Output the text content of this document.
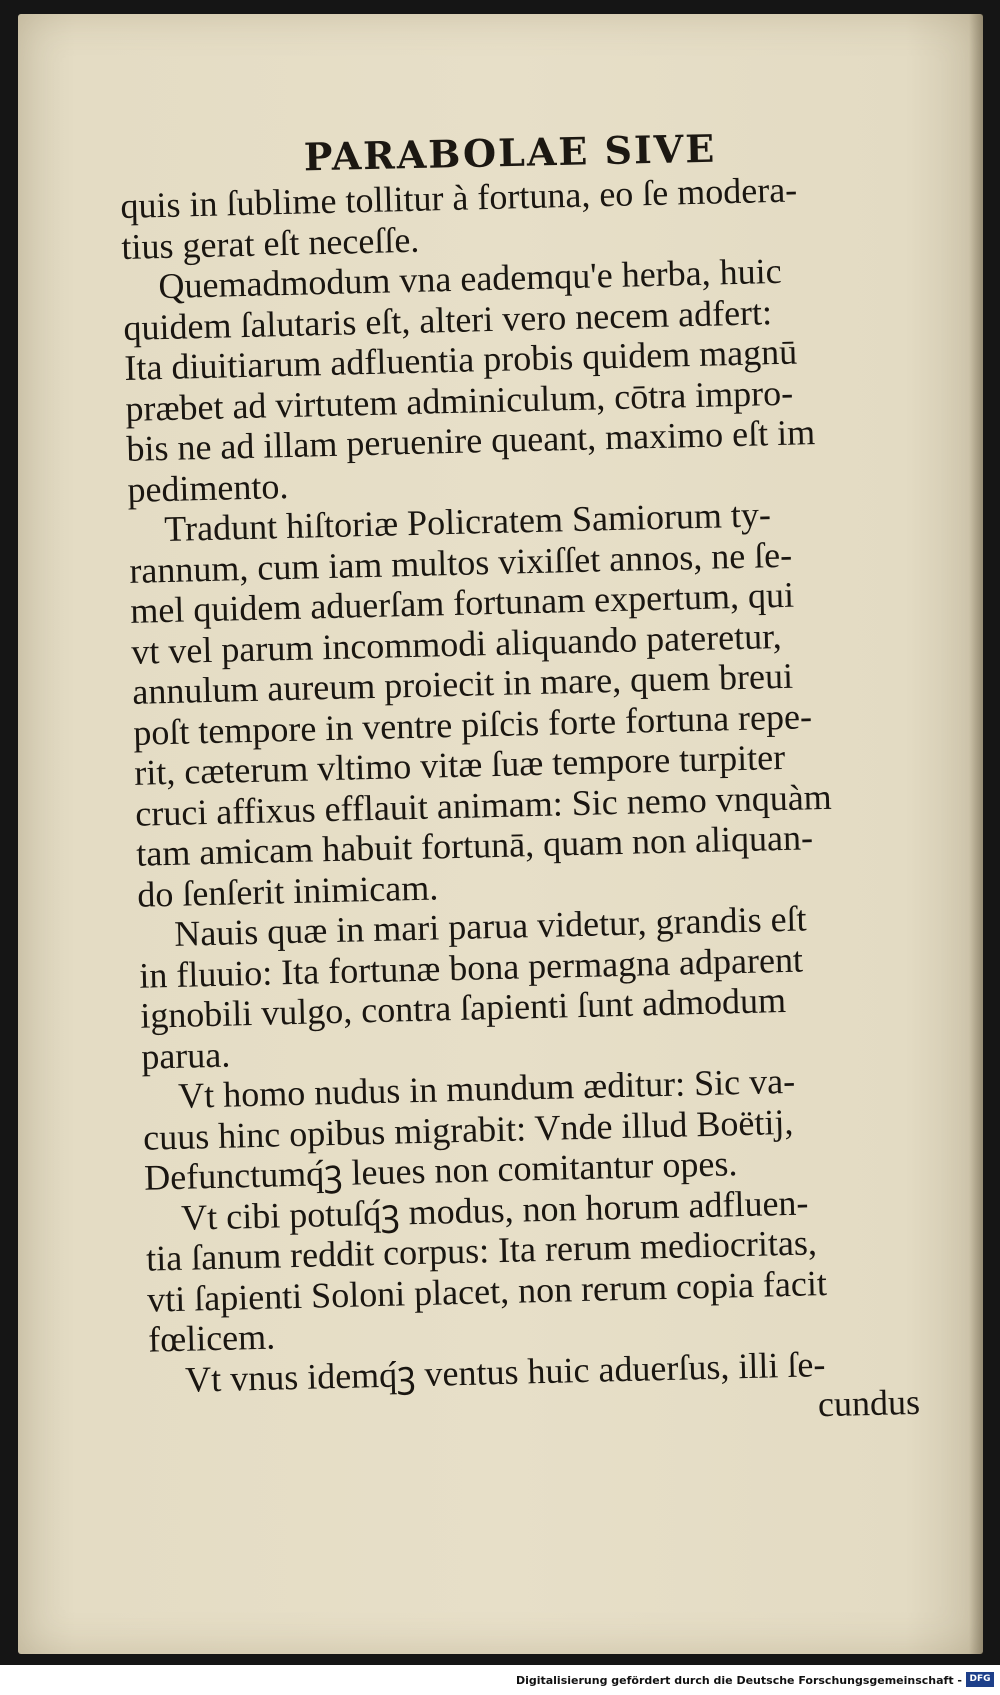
PARABOLAE SIVE
quis in ſublime tollitur à fortuna, eo ſe modera-
tius gerat eſt neceſſe.
Quemadmodum vna eademqu'e herba, huic
quidem ſalutaris eſt, alteri vero necem adfert:
Ita diuitiarum adfluentia probis quidem magnū
præbet ad virtutem adminiculum, cōtra impro-
bis ne ad illam peruenire queant, maximo eſt im
pedimento.
Tradunt hiſtoriæ Policratem Samiorum ty-
rannum, cum iam multos vixiſſet annos, ne ſe-
mel quidem aduerſam fortunam expertum, qui
vt vel parum incommodi aliquando pateretur,
annulum aureum proiecit in mare, quem breui
poſt tempore in ventre piſcis forte fortuna repe-
rit, cæterum vltimo vitæ ſuæ tempore turpiter
cruci affixus efflauit animam: Sic nemo vnquàm
tam amicam habuit fortunā, quam non aliquan-
do ſenſerit inimicam.
Nauis quæ in mari parua videtur, grandis eſt
in fluuio: Ita fortunæ bona permagna adparent
ignobili vulgo, contra ſapienti ſunt admodum
parua.
Vt homo nudus in mundum æditur: Sic va-
cuus hinc opibus migrabit: Vnde illud Boëtij,
Defunctumq́ꝫ leues non comitantur opes.
Vt cibi potuſq́ꝫ modus, non horum adfluen-
tia ſanum reddit corpus: Ita rerum mediocritas,
vti ſapienti Soloni placet, non rerum copia facit
fœlicem.
Vt vnus idemq́ꝫ ventus huic aduerſus, illi ſe-
cundus
Digitalisierung gefördert durch die Deutsche Forschungsgemeinschaft - DFG
